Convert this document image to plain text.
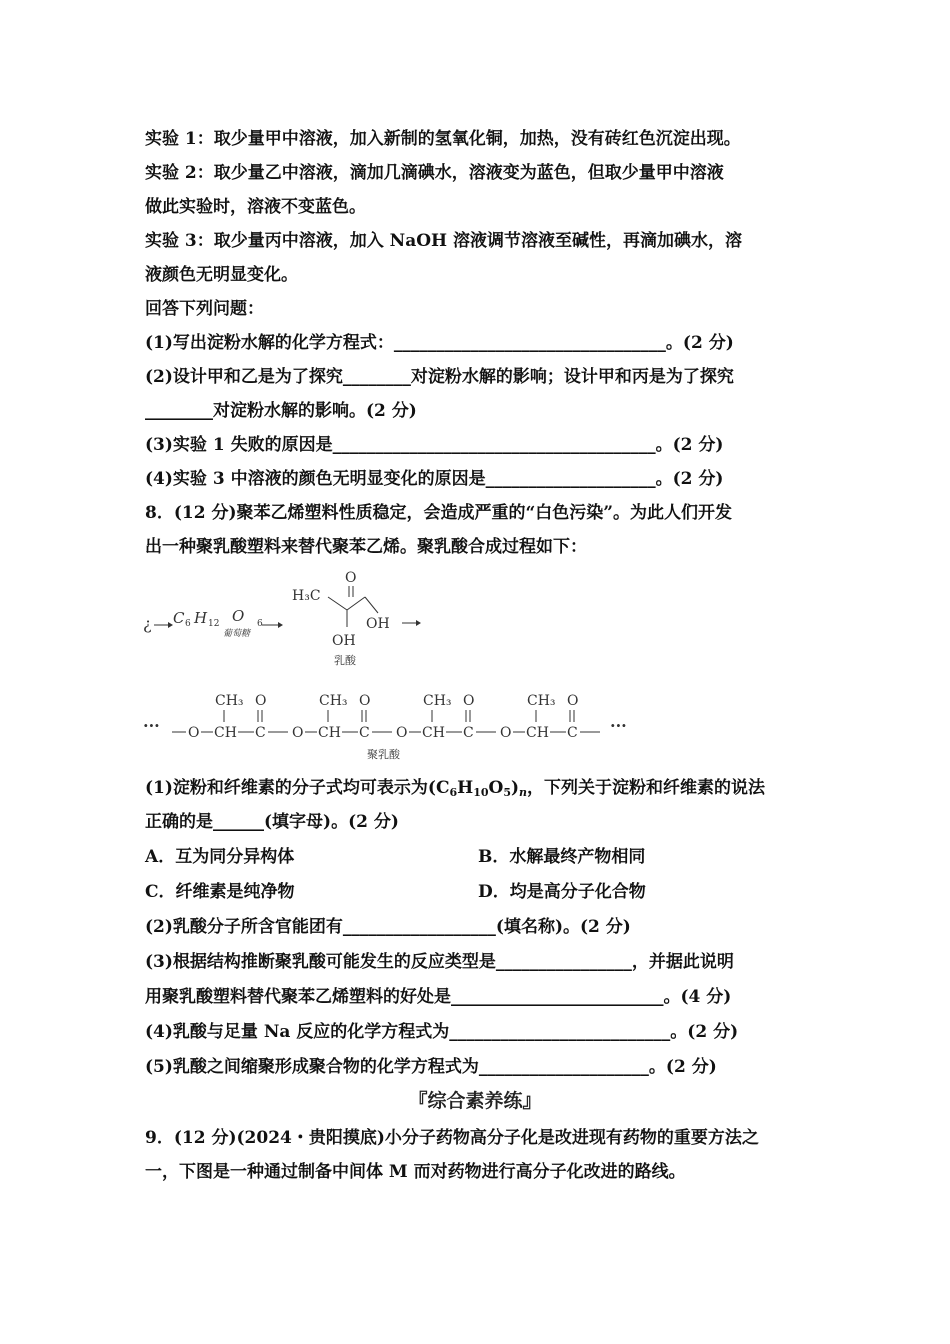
实验 1：取少量甲中溶液，加入新制的氢氧化铜，加热，没有砖红色沉淀出现。
实验 2：取少量乙中溶液，滴加几滴碘水，溶液变为蓝色，但取少量甲中溶液
做此实验时，溶液不变蓝色。
实验 3：取少量丙中溶液，加入 NaOH 溶液调节溶液至碱性，再滴加碘水，溶
液颜色无明显变化。
回答下列问题：
(1)写出淀粉水解的化学方程式：________________________________。(2 分)
(2)设计甲和乙是为了探究________对淀粉水解的影响；设计甲和丙是为了探究
________对淀粉水解的影响。(2 分)
(3)实验 1 失败的原因是______________________________________。(2 分)
(4)实验 3 中溶液的颜色无明显变化的原因是____________________。(2 分)
8．(12 分)聚苯乙烯塑料性质稳定，会造成严重的“白色污染”。为此人们开发
出一种聚乳酸塑料来替代聚苯乙烯。聚乳酸合成过程如下：
¿ C 6 H 12 O 6
葡萄糖
H₃C
O
OH
OH
乳酸
···	···
O CH
CH₃
C
O
O CH
CH₃
C
O
O CH
CH₃
C
O
O CH
CH₃
C
O
聚乳酸
(1)淀粉和纤维素的分子式均可表示为$(C_6H_{10}O_5)_n$，下列关于淀粉和纤维素的说法
正确的是______(填字母)。(2 分)
A．互为同分异构体	B．水解最终产物相同
C．纤维素是纯净物	D．均是高分子化合物
(2)乳酸分子所含官能团有__________________(填名称)。(2 分)
(3)根据结构推断聚乳酸可能发生的反应类型是________________，并据此说明
用聚乳酸塑料替代聚苯乙烯塑料的好处是_________________________。(4 分)
(4)乳酸与足量 Na 反应的化学方程式为__________________________。(2 分)
(5)乳酸之间缩聚形成聚合物的化学方程式为____________________。(2 分)
『综合素养练』
9．(12 分)(2024・贵阳摸底)小分子药物高分子化是改进现有药物的重要方法之
一，下图是一种通过制备中间体 M 而对药物进行高分子化改进的路线。
